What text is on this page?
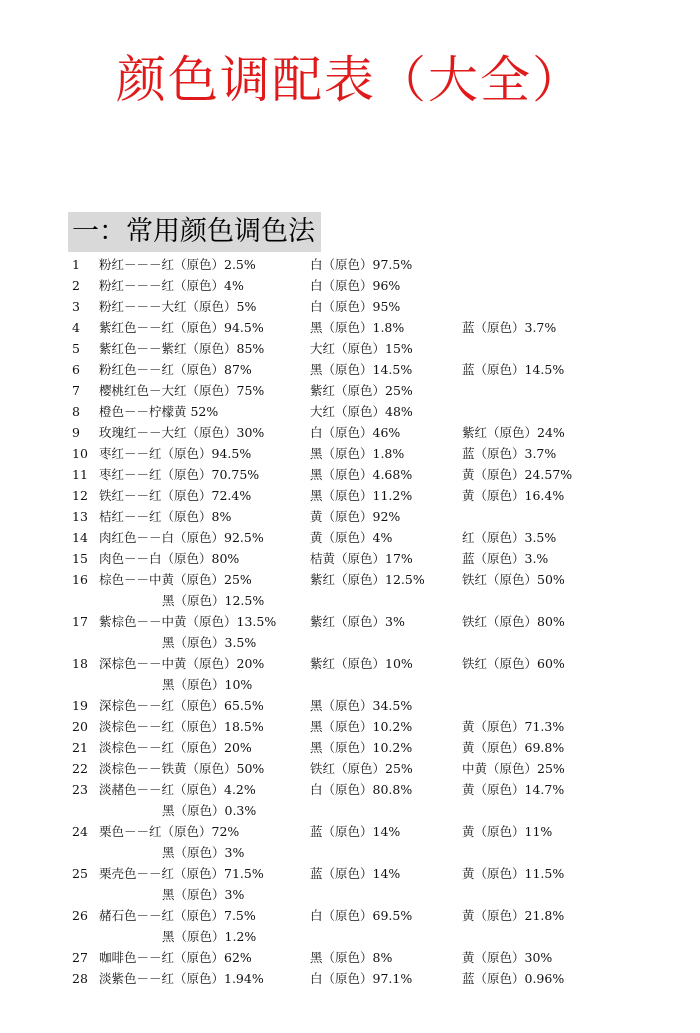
颜色调配表（大全）
一：常用颜色调色法
1 粉红－－－红（原色）2.5%	白（原色）97.5%
2 粉红－－－红（原色）4%	白（原色）96%
3 粉红－－－大红（原色）5%	白（原色）95%
4 紫红色－－红（原色）94.5%	黑（原色）1.8%	蓝（原色）3.7%
5 紫红色－－紫红（原色）85%	大红（原色）15%
6 粉红色－－红（原色）87%	黑（原色）14.5%	蓝（原色）14.5%
7 樱桃红色－大红（原色）75%	紫红（原色）25%
8 橙色－－柠檬黄 52%	大红（原色）48%
9 玫瑰红－－大红（原色）30%	白（原色）46%	紫红（原色）24%
10 枣红－－红（原色）94.5%	黑（原色）1.8%	蓝（原色）3.7%
11 枣红－－红（原色）70.75%	黑（原色）4.68%	黄（原色）24.57%
12 铁红－－红（原色）72.4%	黑（原色）11.2%	黄（原色）16.4%
13 桔红－－红（原色）8%	黄（原色）92%
14 肉红色－－白（原色）92.5%	黄（原色）4%	红（原色）3.5%
15 肉色－－白（原色）80%	桔黄（原色）17%	蓝（原色）3.%
16 棕色－－中黄（原色）25%	紫红（原色）12.5%	铁红（原色）50%
黑（原色）12.5%
17 紫棕色－－中黄（原色）13.5%	紫红（原色）3%	铁红（原色）80%
黑（原色）3.5%
18 深棕色－－中黄（原色）20%	紫红（原色）10%	铁红（原色）60%
黑（原色）10%
19 深棕色－－红（原色）65.5%	黑（原色）34.5%
20 淡棕色－－红（原色）18.5%	黑（原色）10.2%	黄（原色）71.3%
21 淡棕色－－红（原色）20%	黑（原色）10.2%	黄（原色）69.8%
22 淡棕色－－铁黄（原色）50%	铁红（原色）25%	中黄（原色）25%
23 淡赭色－－红（原色）4.2%	白（原色）80.8%	黄（原色）14.7%
黑（原色）0.3%
24 栗色－－红（原色）72%	蓝（原色）14%	黄（原色）11%
黑（原色）3%
25 栗壳色－－红（原色）71.5%	蓝（原色）14%	黄（原色）11.5%
黑（原色）3%
26 赭石色－－红（原色）7.5%	白（原色）69.5%	黄（原色）21.8%
黑（原色）1.2%
27 咖啡色－－红（原色）62%	黑（原色）8%	黄（原色）30%
28 淡紫色－－红（原色）1.94%	白（原色）97.1%	蓝（原色）0.96%
